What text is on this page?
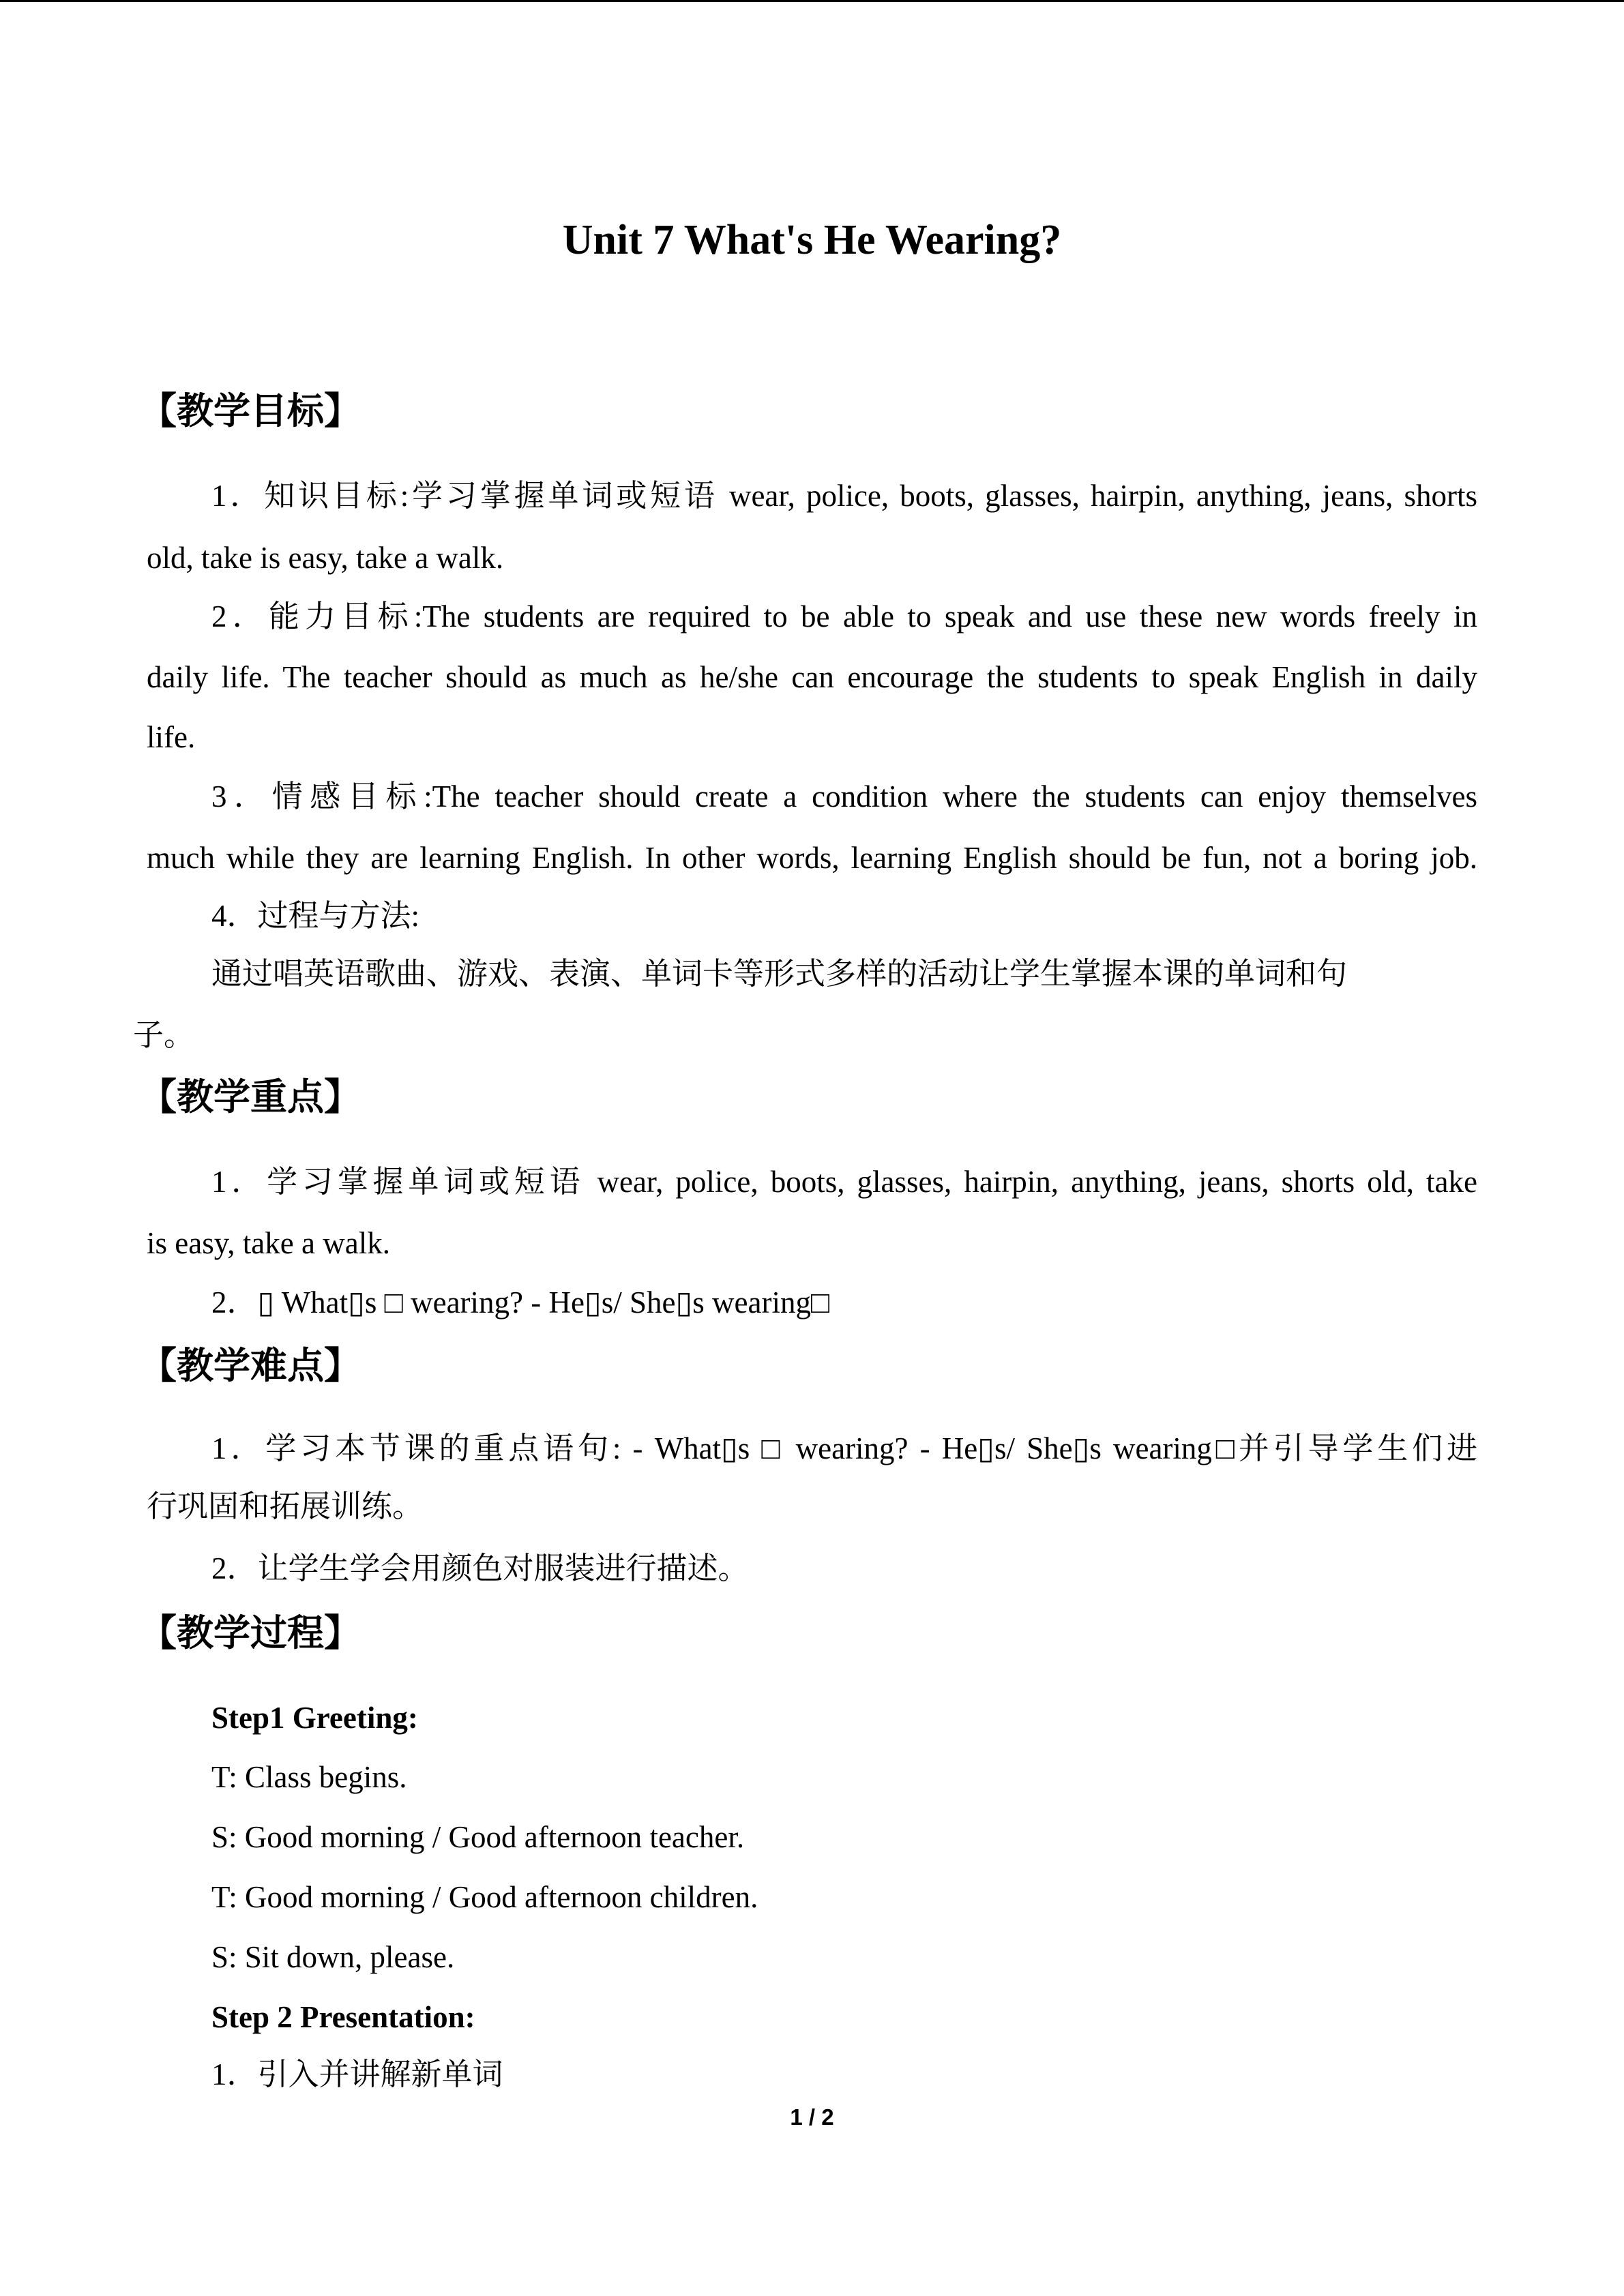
Unit 7 What's He Wearing?
【教学目标】
1．知识目标:学习掌握单词或短语 wear, police, boots, glasses, hairpin, anything, jeans, shorts
old, take is easy, take a walk.
2．能力目标:The students are required to be able to speak and use these new words freely in
daily life. The teacher should as much as he/she can encourage the students to speak English in daily
life.
3．情感目标:The teacher should create a condition where the students can enjoy themselves
much while they are learning English. In other words, learning English should be fun, not a boring job.
4．过程与方法:
通过唱英语歌曲、游戏、表演、单词卡等形式多样的活动让学生掌握本课的单词和句
子。
【教学重点】
1．学习掌握单词或短语 wear, police, boots, glasses, hairpin, anything, jeans, shorts old, take
is easy, take a walk.
2．▯ What▯s □ wearing? - He▯s/ She▯s wearing□
【教学难点】
1．学习本节课的重点语句: - What▯s □ wearing? - He▯s/ She▯s wearing□并引导学生们进
行巩固和拓展训练。
2．让学生学会用颜色对服装进行描述。
【教学过程】
Step1 Greeting:
T: Class begins.
S: Good morning / Good afternoon teacher.
T: Good morning / Good afternoon children.
S: Sit down, please.
Step 2 Presentation:
1．引入并讲解新单词
1 / 2
